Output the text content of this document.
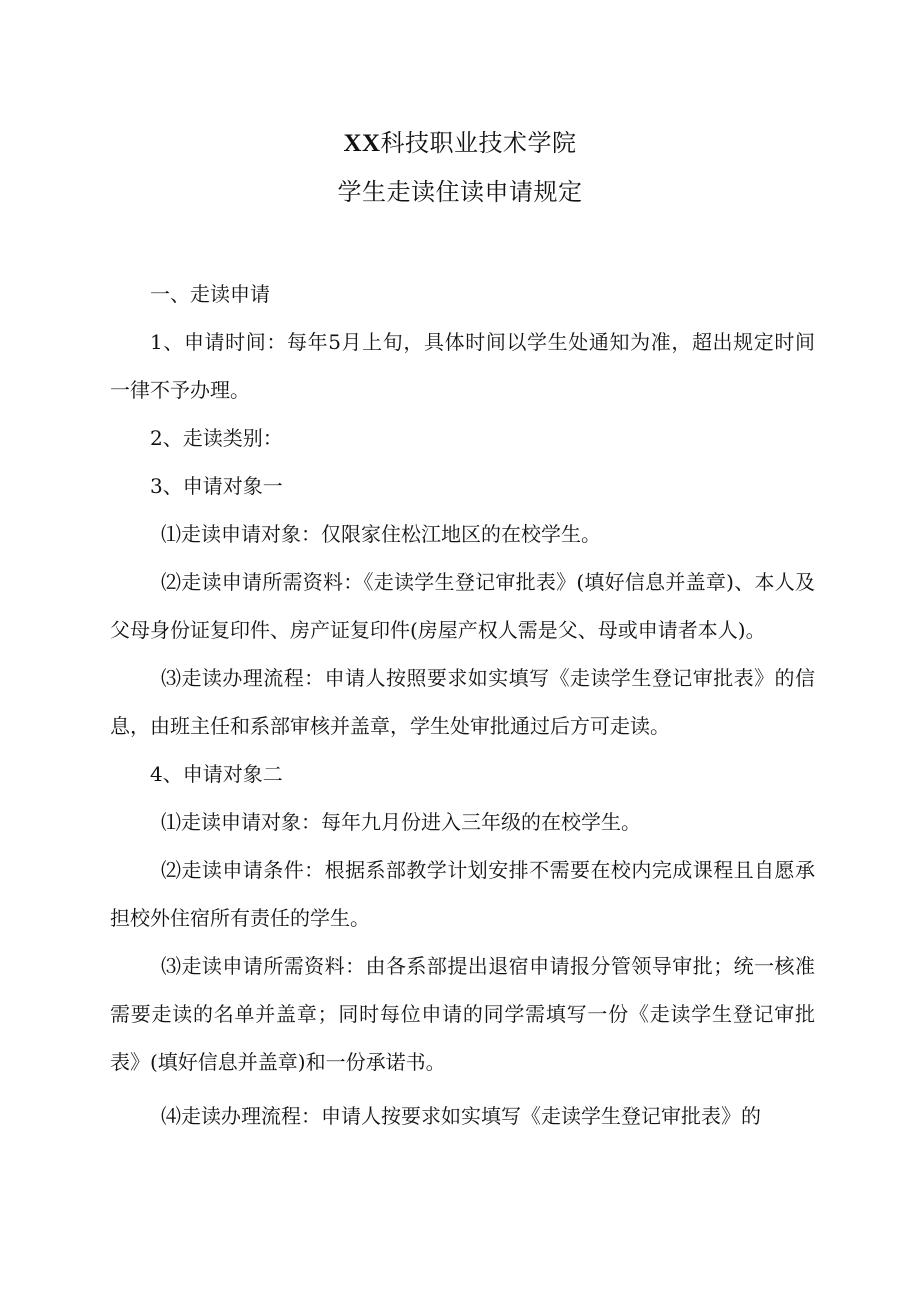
XX科技职业技术学院
学生走读住读申请规定

一、走读申请

1、申请时间：每年5月上旬，具体时间以学生处通知为准，超出规定时间一律不予办理。

2、走读类别：

3、申请对象一

⑴走读申请对象：仅限家住松江地区的在校学生。

⑵走读申请所需资料：《走读学生登记审批表》(填好信息并盖章)、本人及父母身份证复印件、房产证复印件(房屋产权人需是父、母或申请者本人)。

⑶走读办理流程：申请人按照要求如实填写《走读学生登记审批表》的信息，由班主任和系部审核并盖章，学生处审批通过后方可走读。

4、申请对象二

⑴走读申请对象：每年九月份进入三年级的在校学生。

⑵走读申请条件：根据系部教学计划安排不需要在校内完成课程且自愿承担校外住宿所有责任的学生。

⑶走读申请所需资料：由各系部提出退宿申请报分管领导审批；统一核准需要走读的名单并盖章；同时每位申请的同学需填写一份《走读学生登记审批表》(填好信息并盖章)和一份承诺书。

⑷走读办理流程：申请人按要求如实填写《走读学生登记审批表》的
